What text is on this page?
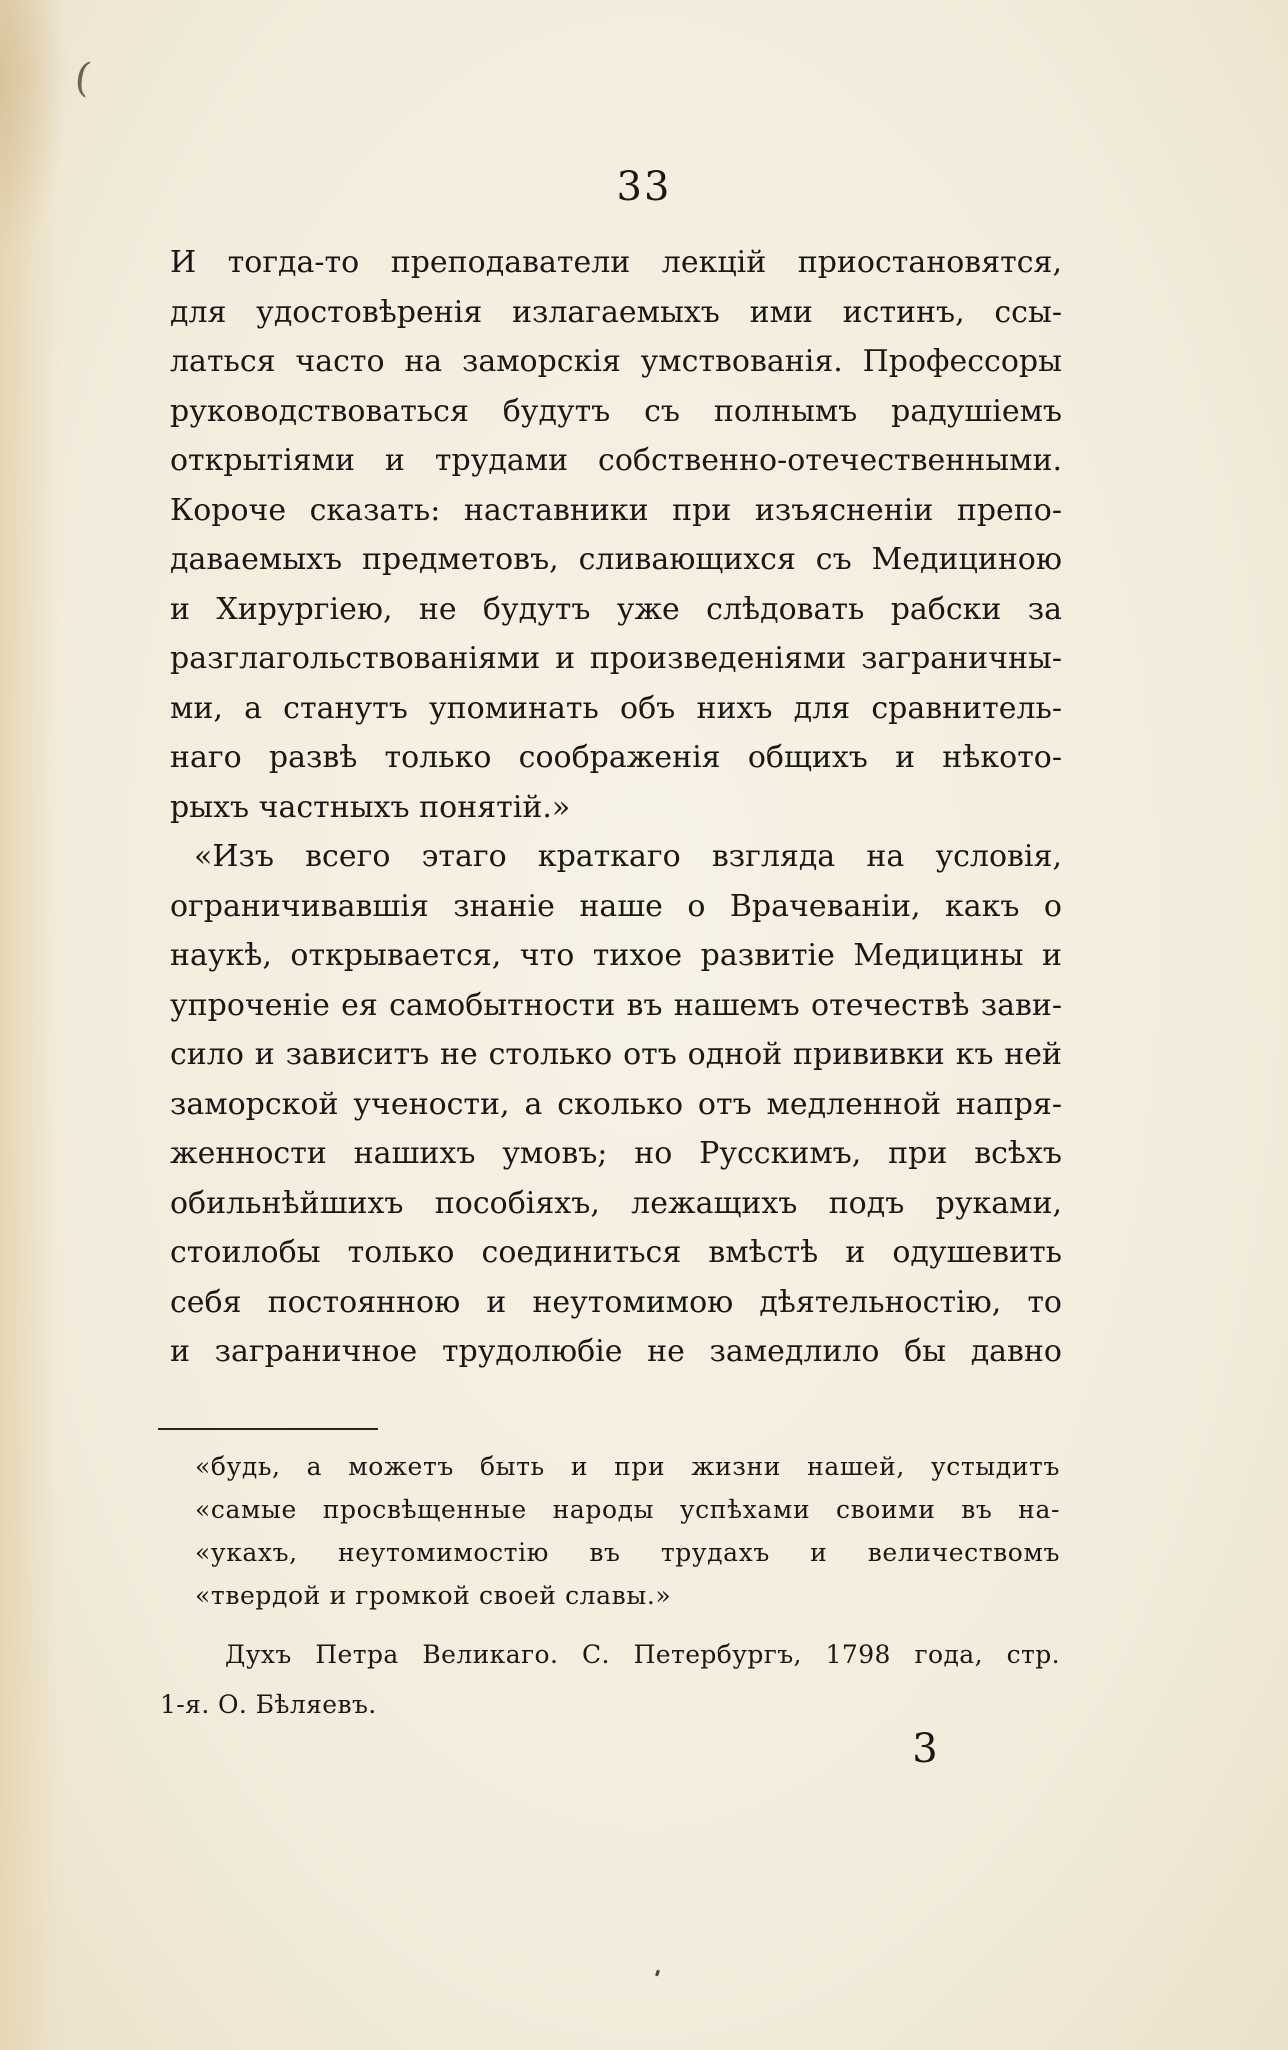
(
33
И тогда-то преподаватели лекцій приостановятся,
для удостовѣренія излагаемыхъ ими истинъ, ссы-
латься часто на заморскія умствованія. Профессоры
руководствоваться будутъ съ полнымъ радушіемъ
открытіями и трудами собственно-отечественными.
Короче сказать: наставники при изъясненіи препо-
даваемыхъ предметовъ, сливающихся съ Медициною
и Хирургіею, не будутъ уже слѣдовать рабски за
разглагольствованіями и произведеніями заграничны-
ми, а станутъ упоминать объ нихъ для сравнитель-
наго развѣ только соображенія общихъ и нѣкото-
рыхъ частныхъ понятій.»
«Изъ всего этаго краткаго взгляда на условія,
ограничивавшія знаніе наше о Врачеваніи, какъ о
наукѣ, открывается, что тихое развитіе Медицины и
упроченіе ея самобытности въ нашемъ отечествѣ зави-
сило и зависитъ не столько отъ одной прививки къ ней
заморской учености, а сколько отъ медленной напря-
женности нашихъ умовъ; но Русскимъ, при всѣхъ
обильнѣйшихъ пособіяхъ, лежащихъ подъ руками,
стоилобы только соединиться вмѣстѣ и одушевить
себя постоянною и неутомимою дѣятельностію, то
и заграничное трудолюбіе не замедлило бы давно
«будь, а можетъ быть и при жизни нашей, устыдитъ
«самые просвѣщенные народы успѣхами своими въ на-
«укахъ, неутомимостію въ трудахъ и величествомъ
«твердой и громкой своей славы.»
Духъ Петра Великаго. С. Петербургъ, 1798 года, стр.
1-я. О. Бѣляевъ.
3
